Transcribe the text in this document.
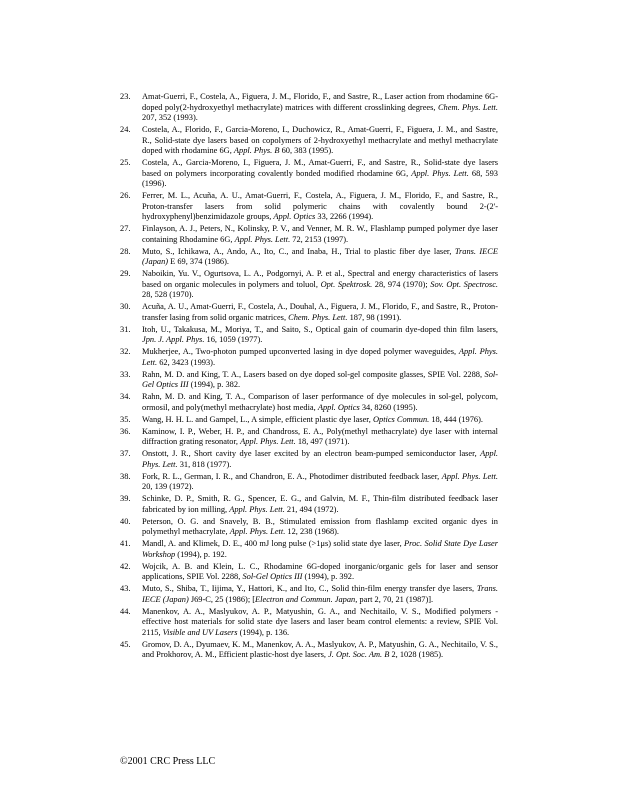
23.	Amat-Guerri, F., Costela, A., Figuera, J. M., Florido, F., and Sastre, R., Laser action from rhodamine 6G-doped poly(2-hydroxyethyl methacrylate) matrices with different crosslinking degrees, Chem. Phys. Lett. 207, 352 (1993).
24.	Costela, A., Florido, F., Garcia-Moreno, I., Duchowicz, R., Amat-Guerri, F., Figuera, J. M., and Sastre, R., Solid-state dye lasers based on copolymers of 2-hydroxyethyl methacrylate and methyl methacrylate doped with rhodamine 6G, Appl. Phys. B 60, 383 (1995).
25.	Costela, A., Garcia-Moreno, I., Figuera, J. M., Amat-Guerri, F., and Sastre, R., Solid-state dye lasers based on polymers incorporating covalently bonded modified rhodamine 6G, Appl. Phys. Lett. 68, 593 (1996).
26.	Ferrer, M. L., Acuña, A. U., Amat-Guerri, F., Costela, A., Figuera, J. M., Florido, F., and Sastre, R., Proton-transfer lasers from solid polymeric chains with covalently bound 2-(2'-hydroxyphenyl)benzimidazole groups, Appl. Optics 33, 2266 (1994).
27.	Finlayson, A. J., Peters, N., Kolinsky, P. V., and Venner, M. R. W., Flashlamp pumped polymer dye laser containing Rhodamine 6G, Appl. Phys. Lett. 72, 2153 (1997).
28.	Muto, S., Ichikawa, A., Ando, A., Ito, C., and Inaba, H., Trial to plastic fiber dye laser, Trans. IECE (Japan) E 69, 374 (1986).
29.	Naboikin, Yu. V., Ogurtsova, L. A., Podgornyi, A. P. et al., Spectral and energy characteristics of lasers based on organic molecules in polymers and toluol, Opt. Spektrosk. 28, 974 (1970); Sov. Opt. Spectrosc. 28, 528 (1970).
30.	Acuña, A. U., Amat-Guerri, F., Costela, A., Douhal, A., Figuera, J. M., Florido, F., and Sastre, R., Proton-transfer lasing from solid organic matrices, Chem. Phys. Lett. 187, 98 (1991).
31.	Itoh, U., Takakusa, M., Moriya, T., and Saito, S., Optical gain of coumarin dye-doped thin film lasers, Jpn. J. Appl. Phys. 16, 1059 (1977).
32.	Mukherjee, A., Two-photon pumped upconverted lasing in dye doped polymer waveguides, Appl. Phys. Lett. 62, 3423 (1993).
33.	Rahn, M. D. and King, T. A., Lasers based on dye doped sol-gel composite glasses, SPIE Vol. 2288, Sol-Gel Optics III (1994), p. 382.
34.	Rahn, M. D. and King, T. A., Comparison of laser performance of dye molecules in sol-gel, polycom, ormosil, and poly(methyl methacrylate) host media, Appl. Optics 34, 8260 (1995).
35.	Wang, H. H. L. and Gampel, L., A simple, efficient plastic dye laser, Optics Commun. 18, 444 (1976).
36.	Kaminow, I. P., Weber, H. P., and Chandross, E. A., Poly(methyl methacrylate) dye laser with internal diffraction grating resonator, Appl. Phys. Lett. 18, 497 (1971).
37.	Onstott, J. R., Short cavity dye laser excited by an electron beam-pumped semiconductor laser, Appl. Phys. Lett. 31, 818 (1977).
38.	Fork, R. L., German, I. R., and Chandron, E. A., Photodimer distributed feedback laser, Appl. Phys. Lett. 20, 139 (1972).
39.	Schinke, D. P., Smith, R. G., Spencer, E. G., and Galvin, M. F., Thin-film distributed feedback laser fabricated by ion milling, Appl. Phys. Lett. 21, 494 (1972).
40.	Peterson, O. G. and Snavely, B. B., Stimulated emission from flashlamp excited organic dyes in polymethyl methacrylate, Appl. Phys. Lett. 12, 238 (1968).
41.	Mandl, A. and Klimek, D. E., 400 mJ long pulse (>1μs) solid state dye laser, Proc. Solid State Dye Laser Workshop (1994), p. 192.
42.	Wojcik, A. B. and Klein, L. C., Rhodamine 6G-doped inorganic/organic gels for laser and sensor applications, SPIE Vol. 2288, Sol-Gel Optics III (1994), p. 392.
43.	Muto, S., Shiba, T., Iijima, Y., Hattori, K., and Ito, C., Solid thin-film energy transfer dye lasers, Trans. IECE (Japan) J69-C, 25 (1986); [Electron and Commun. Japan, part 2, 70, 21 (1987)].
44.	Manenkov, A. A., Maslyukov, A. P., Matyushin, G. A., and Nechitailo, V. S., Modified polymers - effective host materials for solid state dye lasers and laser beam control elements: a review, SPIE Vol. 2115, Visible and UV Lasers (1994), p. 136.
45.	Gromov, D. A., Dyumaev, K. M., Manenkov, A. A., Maslyukov, A. P., Matyushin, G. A., Nechitailo, V. S., and Prokhorov, A. M., Efficient plastic-host dye lasers, J. Opt. Soc. Am. B 2, 1028 (1985).
©2001 CRC Press LLC
